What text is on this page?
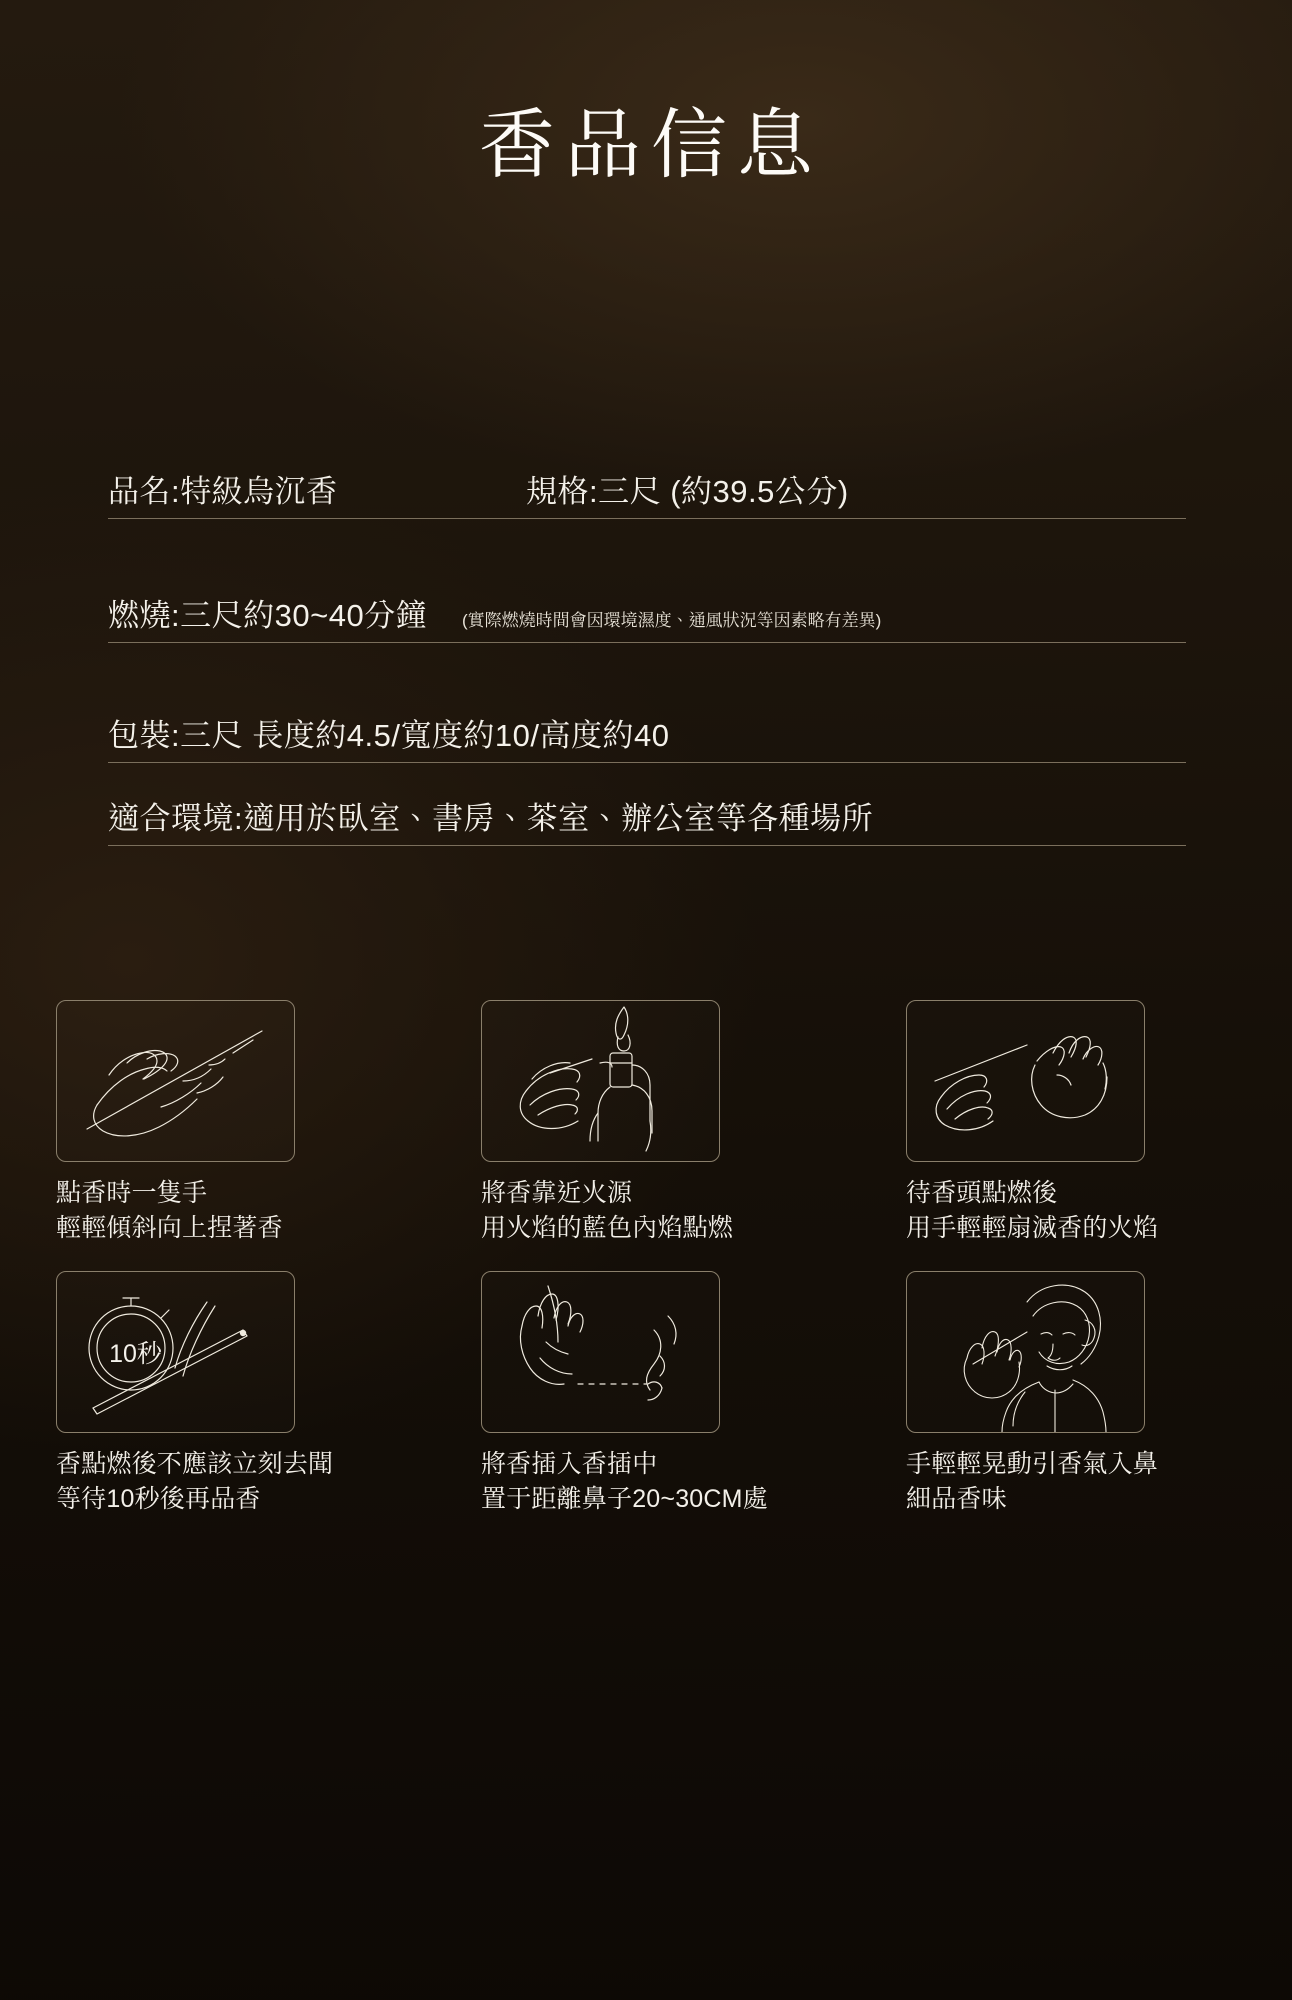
香品信息
品名:特級烏沉香	規格:三尺 (約39.5公分)
燃燒:三尺約30~40分鐘 (實際燃燒時間會因環境濕度、通風狀況等因素略有差異)
包裝:三尺 長度約4.5/寬度約10/高度約40
適合環境:適用於臥室、書房、茶室、辦公室等各種場所
點香時一隻手
輕輕傾斜向上捏著香
將香靠近火源
用火焰的藍色內焰點燃
待香頭點燃後
用手輕輕扇滅香的火焰
10秒
香點燃後不應該立刻去聞
等待10秒後再品香
將香插入香插中
置于距離鼻子20~30CM處
手輕輕晃動引香氣入鼻
細品香味
